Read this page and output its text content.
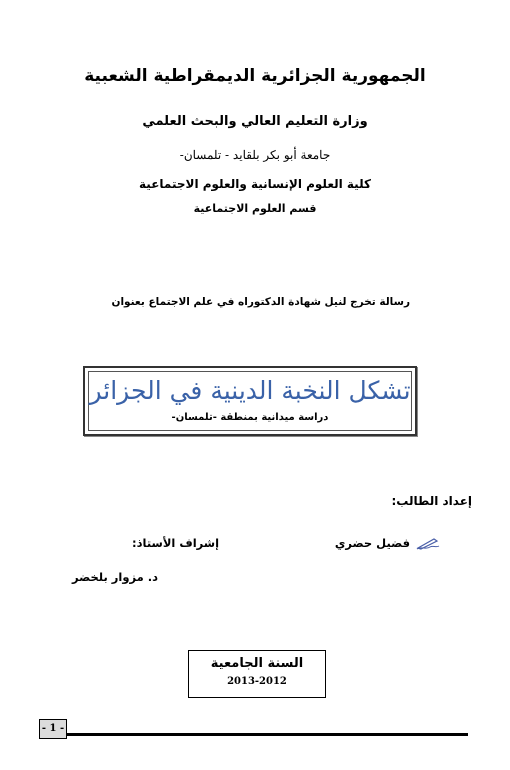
الجمهورية الجزائرية الديمقراطية الشعبية
وزارة التعليم العالي والبحث العلمي
جامعة أبو بكر بلقايد - تلمسان-
كلية العلوم الإنسانية والعلوم الاجتماعية
قسم العلوم الاجتماعية
رسالة تخرج لنيل شهادة الدكتوراه في علم الاجتماع بعنوان
تشكل النخبة الدينية في الجزائر
دراسة ميدانية بمنطقة -تلمسان-
إعداد الطالب:
فضيل حضري
إشراف الأستاذ:
د. مزوار بلخضر
السنة الجامعية
2013-2012
- 1 -
